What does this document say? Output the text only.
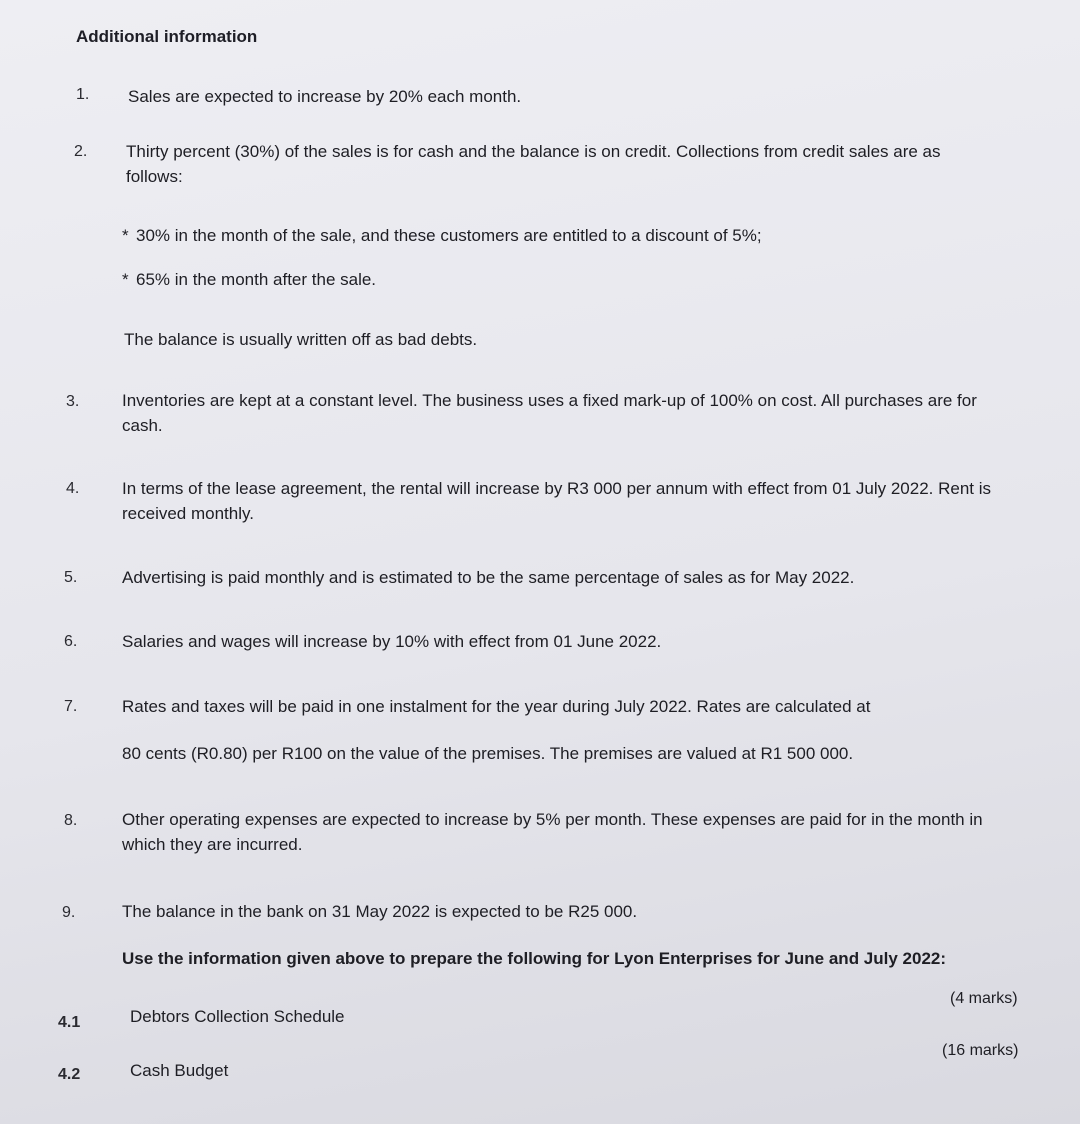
Additional information
1. Sales are expected to increase by 20% each month.
2. Thirty percent (30%) of the sales is for cash and the balance is on credit. Collections from credit sales are as follows:
* 30% in the month of the sale, and these customers are entitled to a discount of 5%;
* 65% in the month after the sale.
The balance is usually written off as bad debts.
3.	Inventories are kept at a constant level. The business uses a fixed mark-up of 100% on cost. All purchases are for cash.
4.	In terms of the lease agreement, the rental will increase by R3 000 per annum with effect from 01 July 2022. Rent is received monthly.
5.	Advertising is paid monthly and is estimated to be the same percentage of sales as for May 2022.
6.	Salaries and wages will increase by 10% with effect from 01 June 2022.
7.	Rates and taxes will be paid in one instalment for the year during July 2022. Rates are calculated at
80 cents (R0.80) per R100 on the value of the premises. The premises are valued at R1 500 000.
8.	Other operating expenses are expected to increase by 5% per month. These expenses are paid for in the month in which they are incurred.
9.	The balance in the bank on 31 May 2022 is expected to be R25 000.
Use the information given above to prepare the following for Lyon Enterprises for June and July 2022:
4.1	Debtors Collection Schedule
(4 marks)
4.2	Cash Budget
(16 marks)
